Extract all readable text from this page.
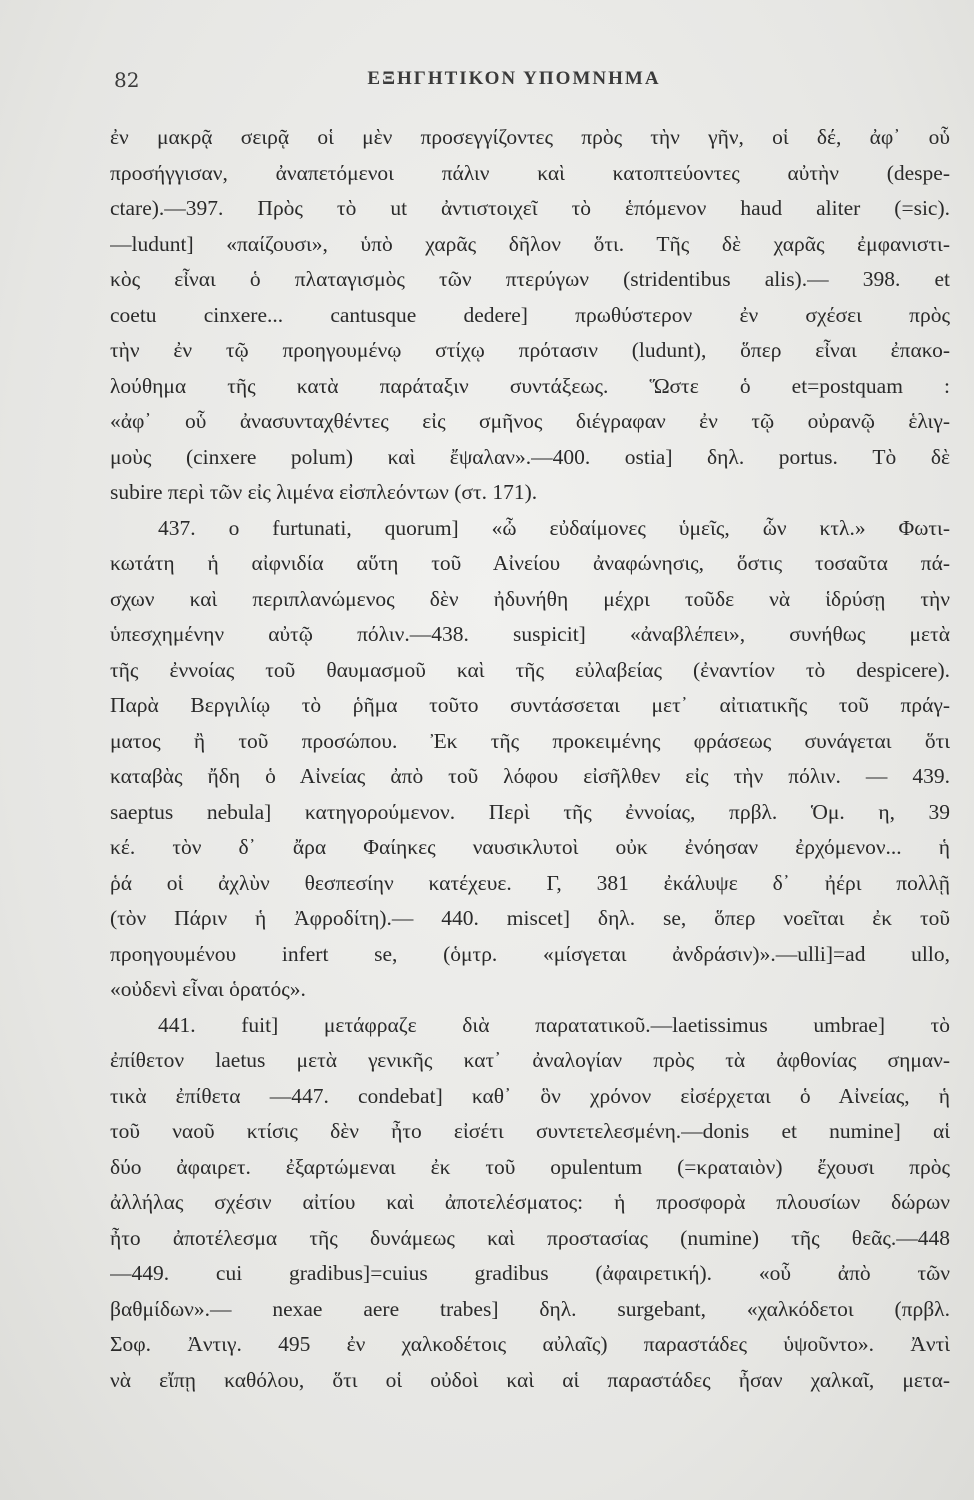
82	ΕΞΗΓΗΤΙΚΟΝ ΥΠΟΜΝΗΜΑ
ἐν μακρᾷ σειρᾷ οἱ μὲν προσεγγίζοντες πρὸς τὴν γῆν, οἱ δέ, ἀφ᾽ οὗ
προσήγγισαν, ἀναπετόμενοι πάλιν καὶ κατοπτεύοντες αὐτὴν (despe-
ctare).—397. Πρὸς τὸ ut ἀντιστοιχεῖ τὸ ἑπόμενον haud aliter (=sic).
—ludunt] «παίζουσι», ὑπὸ χαρᾶς δῆλον ὅτι. Τῆς δὲ χαρᾶς ἐμφανιστι-
κὸς εἶναι ὁ πλαταγισμὸς τῶν πτερύγων (stridentibus alis).— 398. et
coetu cinxere... cantusque dedere] πρωθύστερον ἐν σχέσει πρὸς
τὴν ἐν τῷ προηγουμένῳ στίχῳ πρότασιν (ludunt), ὅπερ εἶναι ἐπακο-
λούθημα τῆς κατὰ παράταξιν συντάξεως. Ὥστε ὁ et=postquam :
«ἀφ᾽ οὗ ἀνασυνταχθέντες εἰς σμῆνος διέγραφαν ἐν τῷ οὐρανῷ ἑλιγ-
μοὺς (cinxere polum) καὶ ἔψαλαν».—400. ostia] δηλ. portus. Τὸ δὲ
subire περὶ τῶν εἰς λιμένα εἰσπλεόντων (στ. 171).
437. o furtunati, quorum] «ὦ εὐδαίμονες ὑμεῖς, ὧν κτλ.» Φωτι-
κωτάτη ἡ αἰφνιδία αὕτη τοῦ Αἰνείου ἀναφώνησις, ὅστις τοσαῦτα πά-
σχων καὶ περιπλανώμενος δὲν ἠδυνήθη μέχρι τοῦδε νὰ ἱδρύσῃ τὴν
ὑπεσχημένην αὐτῷ πόλιν.—438. suspicit] «ἀναβλέπει», συνήθως μετὰ
τῆς ἐννοίας τοῦ θαυμασμοῦ καὶ τῆς εὐλαβείας (ἐναντίον τὸ despicere).
Παρὰ Βεργιλίῳ τὸ ῥῆμα τοῦτο συντάσσεται μετ᾽ αἰτιατικῆς τοῦ πράγ-
ματος ἢ τοῦ προσώπου. Ἐκ τῆς προκειμένης φράσεως συνάγεται ὅτι
καταβὰς ἤδη ὁ Αἰνείας ἀπὸ τοῦ λόφου εἰσῆλθεν εἰς τὴν πόλιν. — 439.
saeptus nebula] κατηγορούμενον. Περὶ τῆς ἐννοίας, πρβλ. Ὁμ. η, 39
κέ. τὸν δ᾽ ἄρα Φαίηκες ναυσικλυτοὶ οὐκ ἐνόησαν ἐρχόμενον... ἡ
ῥά οἱ ἀχλὺν θεσπεσίην κατέχευε. Γ, 381 ἐκάλυψε δ᾽ ἠέρι πολλῇ
(τὸν Πάριν ἡ Ἀφροδίτη).— 440. miscet] δηλ. se, ὅπερ νοεῖται ἐκ τοῦ
προηγουμένου infert se, (ὁμτρ. «μίσγεται ἀνδράσιν)».—ulli]=ad ullo,
«οὐδενὶ εἶναι ὁρατός».
441. fuit] μετάφραζε διὰ παρατατικοῦ.—laetissimus umbrae] τὸ
ἐπίθετον laetus μετὰ γενικῆς κατ᾽ ἀναλογίαν πρὸς τὰ ἀφθονίας σημαν-
τικὰ ἐπίθετα —447. condebat] καθ᾽ ὃν χρόνον εἰσέρχεται ὁ Αἰνείας, ἡ
τοῦ ναοῦ κτίσις δὲν ἦτο εἰσέτι συντετελεσμένη.—donis et numine] αἱ
δύο ἀφαιρετ. ἐξαρτώμεναι ἐκ τοῦ opulentum (=κραταιὸν) ἔχουσι πρὸς
ἀλλήλας σχέσιν αἰτίου καὶ ἀποτελέσματος: ἡ προσφορὰ πλουσίων δώρων
ἦτο ἀποτέλεσμα τῆς δυνάμεως καὶ προστασίας (numine) τῆς θεᾶς.—448
—449. cui gradibus]=cuius gradibus (ἀφαιρετική). «οὗ ἀπὸ τῶν
βαθμίδων».— nexae aere trabes] δηλ. surgebant, «χαλκόδετοι (πρβλ.
Σοφ. Ἀντιγ. 495 ἐν χαλκοδέτοις αὐλαῖς) παραστάδες ὑψοῦντο». Ἀντὶ
νὰ εἴπῃ καθόλου, ὅτι οἱ οὐδοὶ καὶ αἱ παραστάδες ἦσαν χαλκαῖ, μετα-
